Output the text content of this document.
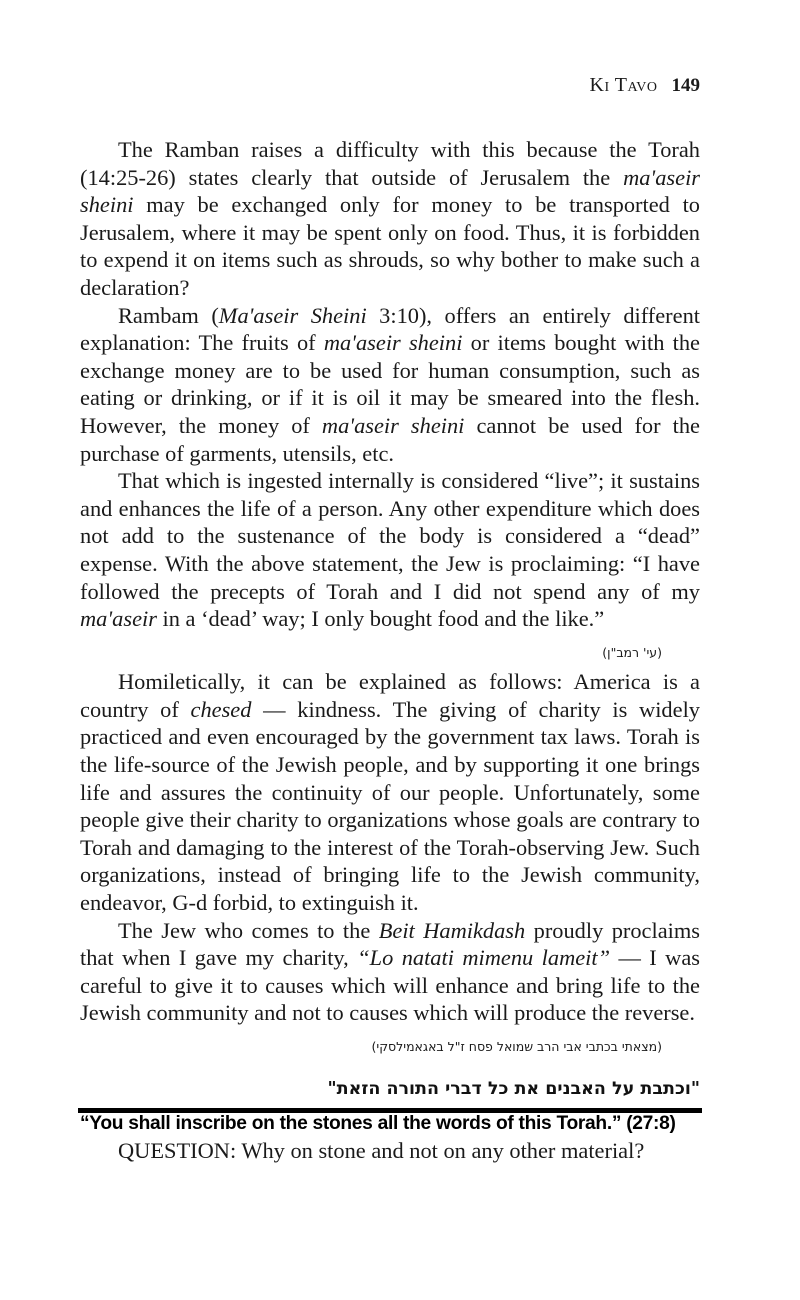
Ki Tavo 149

The Ramban raises a difficulty with this because the Torah (14:25-26) states clearly that outside of Jerusalem the ma'aseir sheini may be exchanged only for money to be transported to Jerusalem, where it may be spent only on food. Thus, it is forbidden to expend it on items such as shrouds, so why bother to make such a declaration?

Rambam (Ma'aseir Sheini 3:10), offers an entirely different explanation: The fruits of ma'aseir sheini or items bought with the exchange money are to be used for human consumption, such as eating or drinking, or if it is oil it may be smeared into the flesh. However, the money of ma'aseir sheini cannot be used for the purchase of garments, utensils, etc.

That which is ingested internally is considered “live”; it sustains and enhances the life of a person. Any other expenditure which does not add to the sustenance of the body is considered a “dead” expense. With the above statement, the Jew is proclaiming: “I have followed the precepts of Torah and I did not spend any of my ma'aseir in a ‘dead’ way; I only bought food and the like.”
(עי' רמב"ן)

Homiletically, it can be explained as follows: America is a country of chesed — kindness. The giving of charity is widely practiced and even encouraged by the government tax laws. Torah is the life-source of the Jewish people, and by supporting it one brings life and assures the continuity of our people. Unfortunately, some people give their charity to organizations whose goals are contrary to Torah and damaging to the interest of the Torah-observing Jew. Such organizations, instead of bringing life to the Jewish community, endeavor, G-d forbid, to extinguish it.

The Jew who comes to the Beit Hamikdash proudly proclaims that when I gave my charity, “Lo natati mimenu lameit” — I was careful to give it to causes which will enhance and bring life to the Jewish community and not to causes which will produce the reverse.
(מצאתי בכתבי אבי הרב שמואל פסח ז"ל באגאמילסקי)

"וכתבת על האבנים את כל דברי התורה הזאת"
“You shall inscribe on the stones all the words of this Torah.” (27:8)
QUESTION: Why on stone and not on any other material?
